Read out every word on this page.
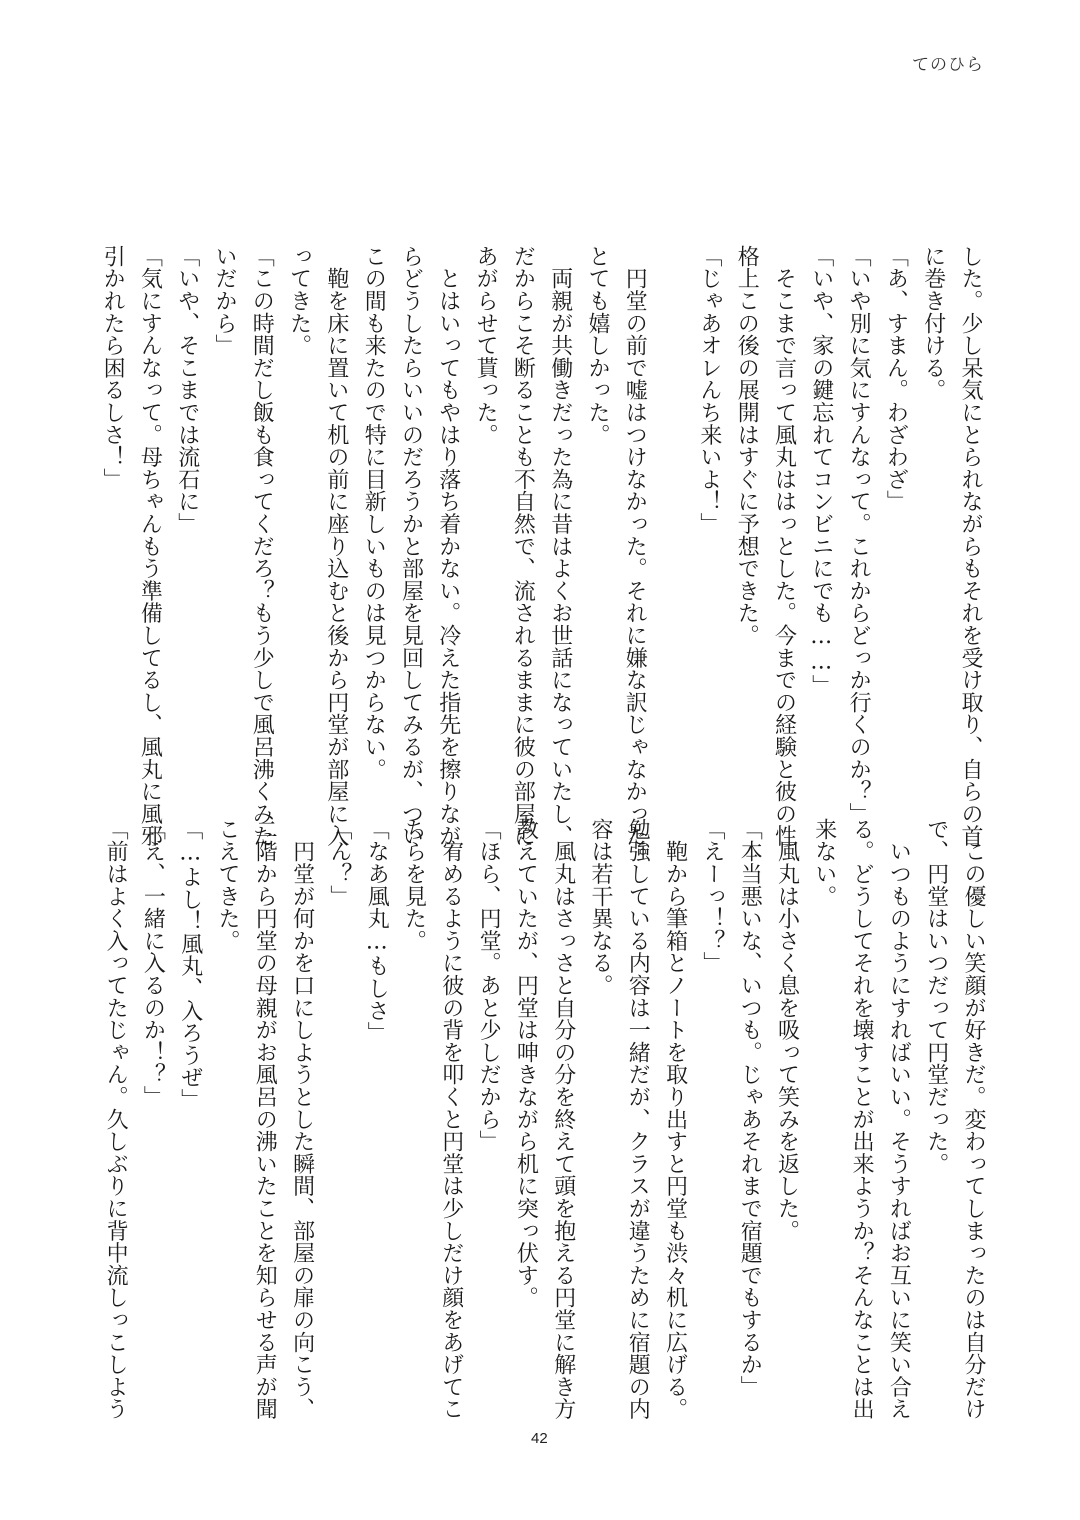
てのひら
した。少し呆気にとられながらもそれを受け取り、自らの首
に巻き付ける。
「あ、すまん。わざわざ」
「いや別に気にすんなって。これからどっか行くのか？」
「いや、家の鍵忘れてコンビニにでも……」
　そこまで言って風丸ははっとした。今までの経験と彼の性
格上この後の展開はすぐに予想できた。
「じゃあオレんち来いよ！」
　円堂の前で嘘はつけなかった。それに嫌な訳じゃなかった。
とても嬉しかった。
　両親が共働きだった為に昔はよくお世話になっていたし、
だからこそ断ることも不自然で、流されるままに彼の部屋に
あがらせて貰った。
　とはいってもやはり落ち着かない。冷えた指先を擦りなが
らどうしたらいいのだろうかと部屋を見回してみるが、つい
この間も来たので特に目新しいものは見つからない。
　鞄を床に置いて机の前に座り込むと後から円堂が部屋に入
ってきた。
「この時間だし飯も食ってくだろ？もう少しで風呂沸くみた
いだから」
「いや、そこまでは流石に」
「気にすんなって。母ちゃんもう準備してるし、風丸に風邪
引かれたら困るしさ！」
　この優しい笑顔が好きだ。変わってしまったのは自分だけ
で、円堂はいつだって円堂だった。
　いつものようにすればいい。そうすればお互いに笑い合え
る。どうしてそれを壊すことが出来ようか？そんなことは出
来ない。
　風丸は小さく息を吸って笑みを返した。
「本当悪いな、いつも。じゃあそれまで宿題でもするか」
「えーっ！？」
　鞄から筆箱とノートを取り出すと円堂も渋々机に広げる。
勉強している内容は一緒だが、クラスが違うために宿題の内
容は若干異なる。
　風丸はさっさと自分の分を終えて頭を抱える円堂に解き方
教えていたが、円堂は呻きながら机に突っ伏す。
「ほら、円堂。あと少しだから」
　宥めるように彼の背を叩くと円堂は少しだけ顔をあげてこ
ちらを見た。
「なあ風丸…もしさ」
「ん？」
　円堂が何かを口にしようとした瞬間、部屋の扉の向こう、
二階から円堂の母親がお風呂の沸いたことを知らせる声が聞
こえてきた。
「…よし！風丸、入ろうぜ」
「え、一緒に入るのか！？」
「前はよく入ってたじゃん。久しぶりに背中流しっこしよう
42
